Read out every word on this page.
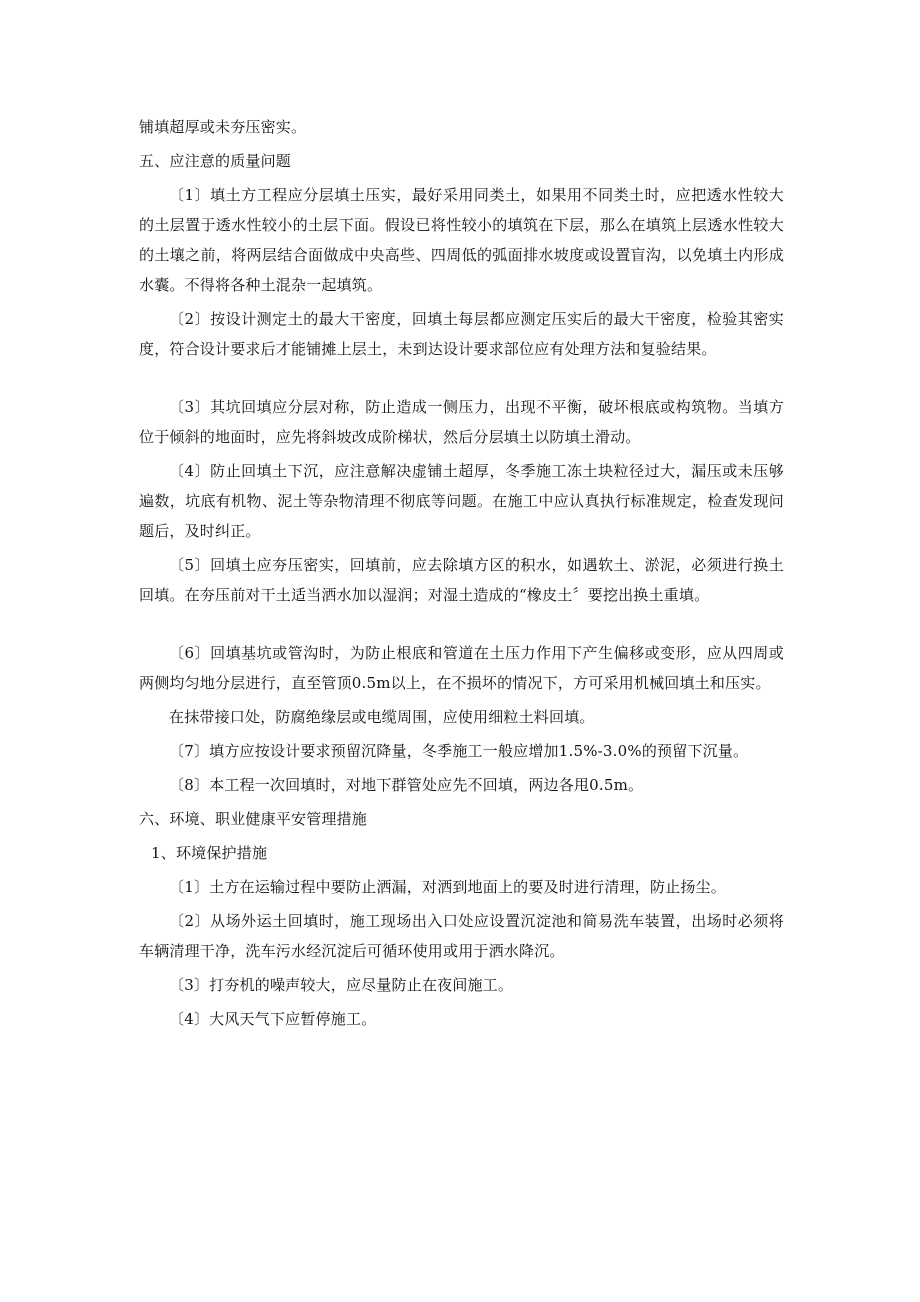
铺填超厚或未夯压密实。

五、应注意的质量问题

〔1〕填土方工程应分层填土压实，最好采用同类土，如果用不同类土时，应把透水性较大的土层置于透水性较小的土层下面。假设已将性较小的填筑在下层，那么在填筑上层透水性较大的土壤之前，将两层结合面做成中央高些、四周低的弧面排水坡度或设置盲沟，以免填土内形成水囊。不得将各种土混杂一起填筑。

〔2〕按设计测定土的最大干密度，回填土每层都应测定压实后的最大干密度，检验其密实度，符合设计要求后才能铺摊上层土，未到达设计要求部位应有处理方法和复验结果。

〔3〕其坑回填应分层对称，防止造成一侧压力，出现不平衡，破坏根底或构筑物。当填方位于倾斜的地面时，应先将斜坡改成阶梯状，然后分层填土以防填土滑动。

〔4〕防止回填土下沉，应注意解决虚铺土超厚，冬季施工冻土块粒径过大，漏压或未压够遍数，坑底有机物、泥土等杂物清理不彻底等问题。在施工中应认真执行标准规定，检查发现问题后，及时纠正。

〔5〕回填土应夯压密实，回填前，应去除填方区的积水，如遇软土、淤泥，必须进行换土回填。在夯压前对干土适当洒水加以湿润；对湿土造成的“橡皮土〞要挖出换土重填。

〔6〕回填基坑或管沟时，为防止根底和管道在土压力作用下产生偏移或变形，应从四周或两侧均匀地分层进行，直至管顶0.5m以上，在不损坏的情况下，方可采用机械回填土和压实。

在抹带接口处，防腐绝缘层或电缆周围，应使用细粒土料回填。

〔7〕填方应按设计要求预留沉降量，冬季施工一般应增加1.5%-3.0%的预留下沉量。

〔8〕本工程一次回填时，对地下群管处应先不回填，两边各甩0.5m。

六、环境、职业健康平安管理措施

1、环境保护措施

〔1〕土方在运输过程中要防止洒漏，对洒到地面上的要及时进行清理，防止扬尘。

〔2〕从场外运土回填时，施工现场出入口处应设置沉淀池和简易洗车装置，出场时必须将车辆清理干净，洗车污水经沉淀后可循环使用或用于洒水降沉。

〔3〕打夯机的噪声较大，应尽量防止在夜间施工。

〔4〕大风天气下应暂停施工。
